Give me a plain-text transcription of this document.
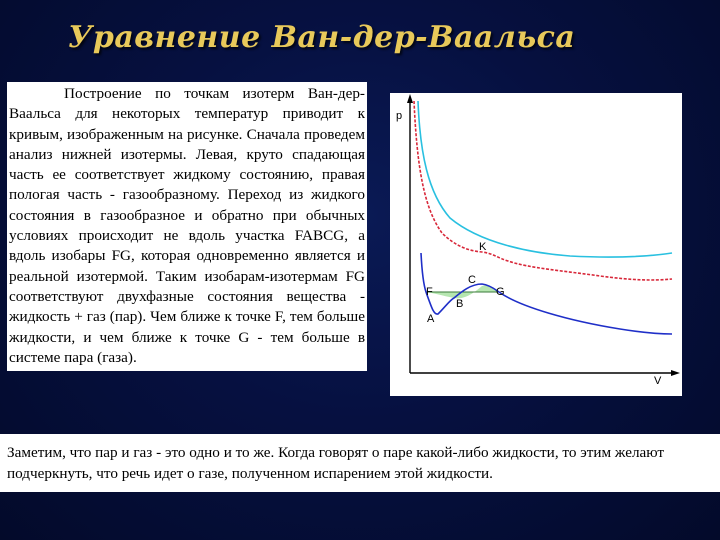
Уравнение Ван-дер-Ваальса

Построение по точкам изотерм Ван-дер-Ваальса для некоторых температур приводит к кривым, изображенным на рисунке. Сначала проведем анализ нижней изотермы. Левая, круто спадающая часть ее соответствует жидкому состоянию, правая пологая часть - газообразному. Переход из жидкого состояния в газообразное и обратно при обычных условиях происходит не вдоль участка FABCG, а вдоль изобары FG, которая одновременно является и реальной изотермой. Таким изобарам-изотермам FG соответствуют двухфазные состояния вещества - жидкость + газ (пар). Чем ближе к точке F, тем больше жидкости, и чем ближе к точке G - тем больше в системе пара (газа).

p
V
K
C
F	G
B
A

Заметим, что пар и газ - это одно и то же. Когда говорят о паре какой-либо жидкости, то этим желают подчеркнуть, что речь идет о газе, полученном испарением этой жидкости.
